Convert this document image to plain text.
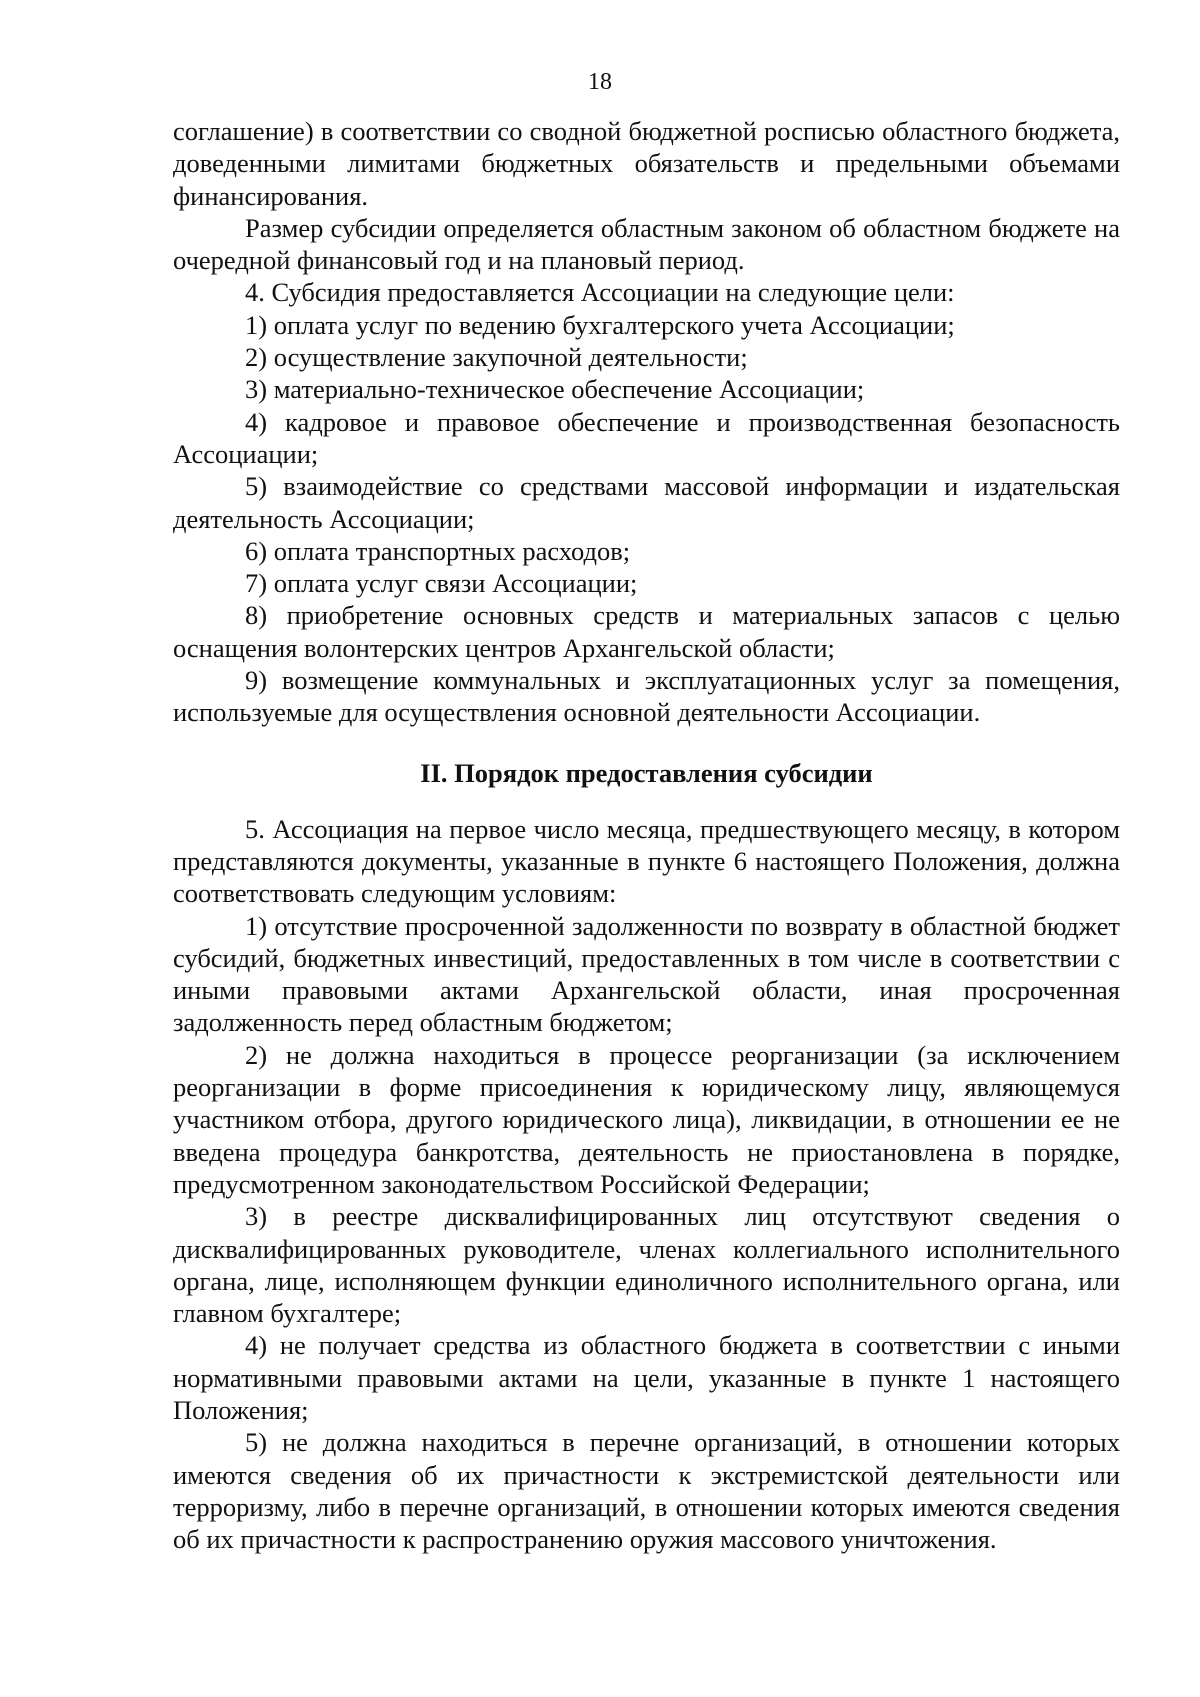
18

соглашение) в соответствии со сводной бюджетной росписью областного бюджета, доведенными лимитами бюджетных обязательств и предельными объемами финансирования.

Размер субсидии определяется областным законом об областном бюджете на очередной финансовый год и на плановый период.

4. Субсидия предоставляется Ассоциации на следующие цели:

1) оплата услуг по ведению бухгалтерского учета Ассоциации;

2) осуществление закупочной деятельности;

3) материально-техническое обеспечение Ассоциации;

4) кадровое и правовое обеспечение и производственная безопасность Ассоциации;

5) взаимодействие со средствами массовой информации и издательская деятельность Ассоциации;

6) оплата транспортных расходов;

7) оплата услуг связи Ассоциации;

8) приобретение основных средств и материальных запасов с целью оснащения волонтерских центров Архангельской области;

9) возмещение коммунальных и эксплуатационных услуг за помещения, используемые для осуществления основной деятельности Ассоциации.

II. Порядок предоставления субсидии

5. Ассоциация на первое число месяца, предшествующего месяцу, в котором представляются документы, указанные в пункте 6 настоящего Положения, должна соответствовать следующим условиям:

1) отсутствие просроченной задолженности по возврату в областной бюджет субсидий, бюджетных инвестиций, предоставленных в том числе в соответствии с иными правовыми актами Архангельской области, иная просроченная задолженность перед областным бюджетом;

2) не должна находиться в процессе реорганизации (за исключением реорганизации в форме присоединения к юридическому лицу, являющемуся участником отбора, другого юридического лица), ликвидации, в отношении ее не введена процедура банкротства, деятельность не приостановлена в порядке, предусмотренном законодательством Российской Федерации;

3) в реестре дисквалифицированных лиц отсутствуют сведения о дисквалифицированных руководителе, членах коллегиального исполнительного органа, лице, исполняющем функции единоличного исполнительного органа, или главном бухгалтере;

4) не получает средства из областного бюджета в соответствии с иными нормативными правовыми актами на цели, указанные в пункте 1 настоящего Положения;

5) не должна находиться в перечне организаций, в отношении которых имеются сведения об их причастности к экстремистской деятельности или терроризму, либо в перечне организаций, в отношении которых имеются сведения об их причастности к распространению оружия массового уничтожения.
